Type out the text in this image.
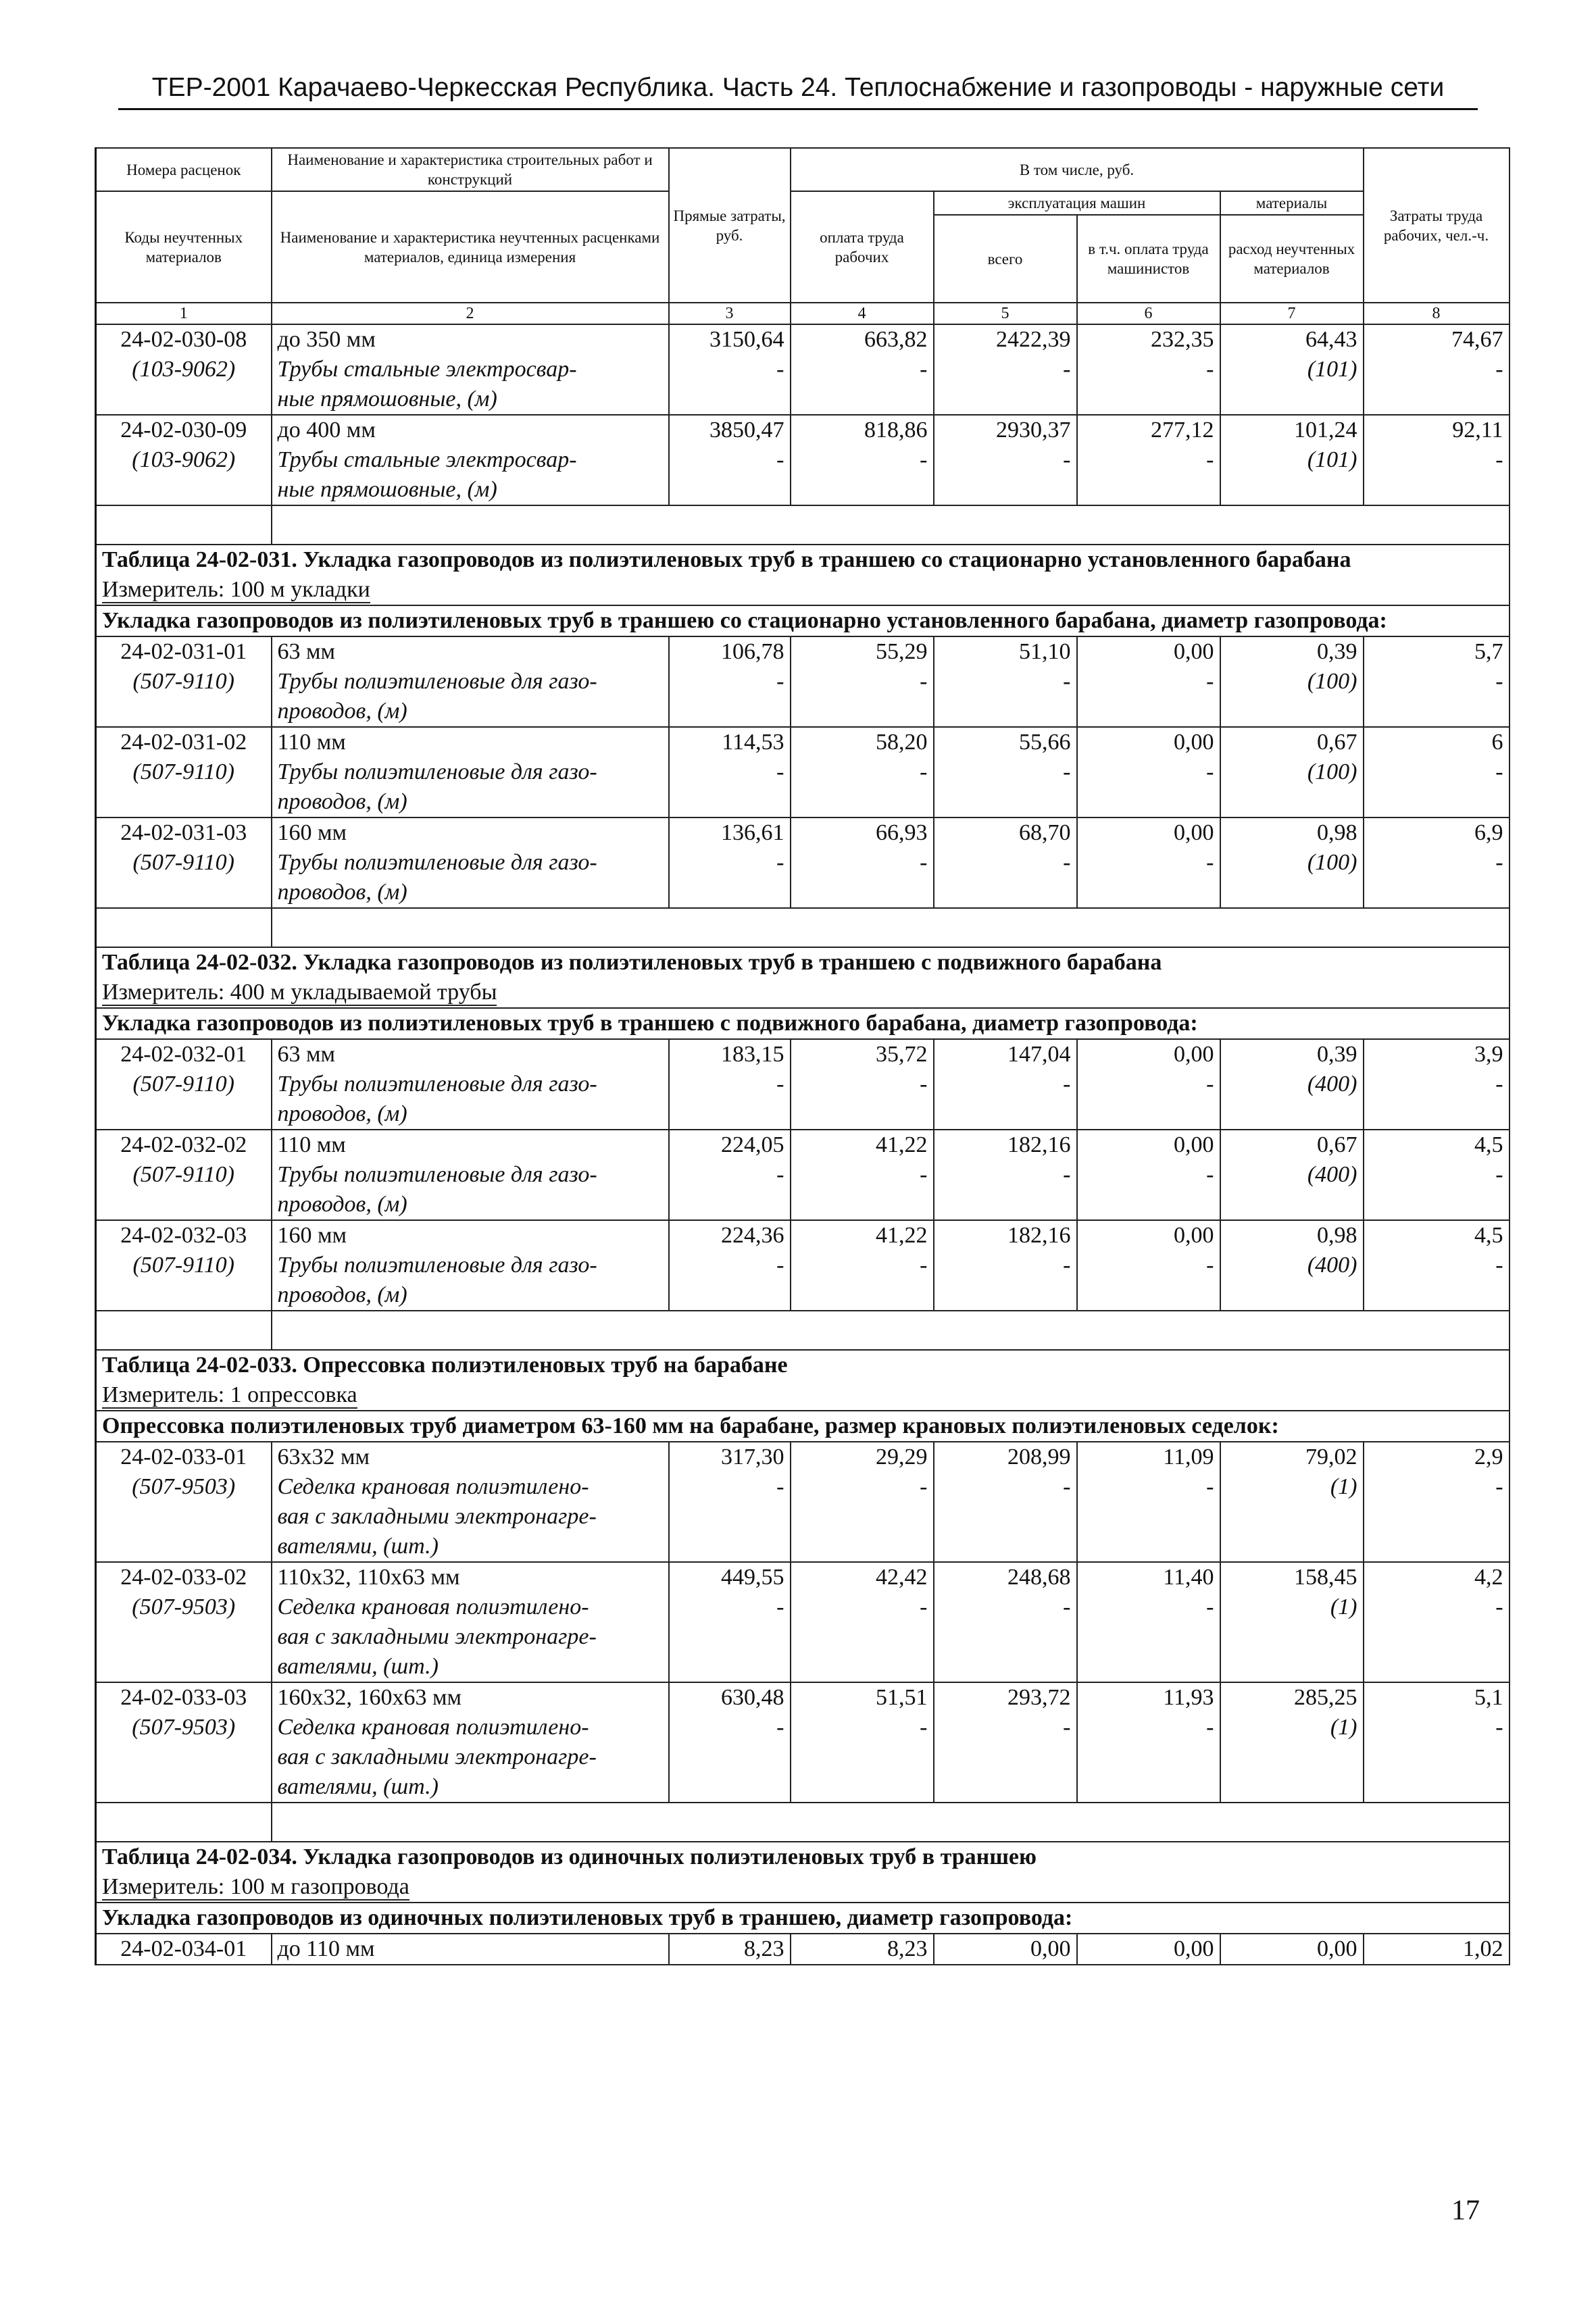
ТЕР-2001 Карачаево-Черкесская Республика. Часть 24. Теплоснабжение и газопроводы - наружные сети
Номера расценок	Наименование и характеристика строительных работ и конструкций	Прямые затраты, руб.	В том числе, руб.				Затраты труда рабочих, чел.-ч.
Коды неучтенных материалов	Наименование и характеристика неучтенных расценками материалов, единица измерения		оплата труда рабочих	эксплуатация машин		материалы	
				всего	в т.ч. оплата труда машинистов	расход неучтенных материалов	
1	2	3	4	5	6	7	8
24-02-030-08	до 350 мм	3150,64	663,82	2422,39	232,35	64,43	74,67
(103-9062)	Трубы стальные электросвар-
ные прямошовные, (м)	-	-	-	-	(101)	-
24-02-030-09	до 400 мм	3850,47	818,86	2930,37	277,12	101,24	92,11
(103-9062)	Трубы стальные электросвар-
ные прямошовные, (м)	-	-	-	-	(101)	-

Таблица 24-02-031. Укладка газопроводов из полиэтиленовых труб в траншею со стационарно установленного барабана							
Измеритель: 100 м укладки							
Укладка газопроводов из полиэтиленовых труб в траншею со стационарно установленного барабана, диаметр газопровода:							
24-02-031-01	63 мм	106,78	55,29	51,10	0,00	0,39	5,7
(507-9110)	Трубы полиэтиленовые для газо-
проводов, (м)	-	-	-	-	(100)	-
24-02-031-02	110 мм	114,53	58,20	55,66	0,00	0,67	6
(507-9110)	Трубы полиэтиленовые для газо-
проводов, (м)	-	-	-	-	(100)	-
24-02-031-03	160 мм	136,61	66,93	68,70	0,00	0,98	6,9
(507-9110)	Трубы полиэтиленовые для газо-
проводов, (м)	-	-	-	-	(100)	-

Таблица 24-02-032. Укладка газопроводов из полиэтиленовых труб в траншею с подвижного барабана							
Измеритель: 400 м укладываемой трубы							
Укладка газопроводов из полиэтиленовых труб в траншею с подвижного барабана, диаметр газопровода:							
24-02-032-01	63 мм	183,15	35,72	147,04	0,00	0,39	3,9
(507-9110)	Трубы полиэтиленовые для газо-
проводов, (м)	-	-	-	-	(400)	-
24-02-032-02	110 мм	224,05	41,22	182,16	0,00	0,67	4,5
(507-9110)	Трубы полиэтиленовые для газо-
проводов, (м)	-	-	-	-	(400)	-
24-02-032-03	160 мм	224,36	41,22	182,16	0,00	0,98	4,5
(507-9110)	Трубы полиэтиленовые для газо-
проводов, (м)	-	-	-	-	(400)	-

Таблица 24-02-033. Опрессовка полиэтиленовых труб на барабане							
Измеритель: 1 опрессовка							
Опрессовка полиэтиленовых труб диаметром 63-160 мм на барабане, размер крановых полиэтиленовых седелок:							
24-02-033-01	63х32 мм	317,30	29,29	208,99	11,09	79,02	2,9
(507-9503)	Седелка крановая полиэтилено-
вая с закладными электронагре-
вателями, (шт.)	-	-	-	-	(1)	-
24-02-033-02	110х32, 110х63 мм	449,55	42,42	248,68	11,40	158,45	4,2
(507-9503)	Седелка крановая полиэтилено-
вая с закладными электронагре-
вателями, (шт.)	-	-	-	-	(1)	-
24-02-033-03	160х32, 160х63 мм	630,48	51,51	293,72	11,93	285,25	5,1
(507-9503)	Седелка крановая полиэтилено-
вая с закладными электронагре-
вателями, (шт.)	-	-	-	-	(1)	-

Таблица 24-02-034. Укладка газопроводов из одиночных полиэтиленовых труб в траншею							
Измеритель: 100 м газопровода							
Укладка газопроводов из одиночных полиэтиленовых труб в траншею, диаметр газопровода:							
24-02-034-01	до 110 мм	8,23	8,23	0,00	0,00	0,00	1,02
17
